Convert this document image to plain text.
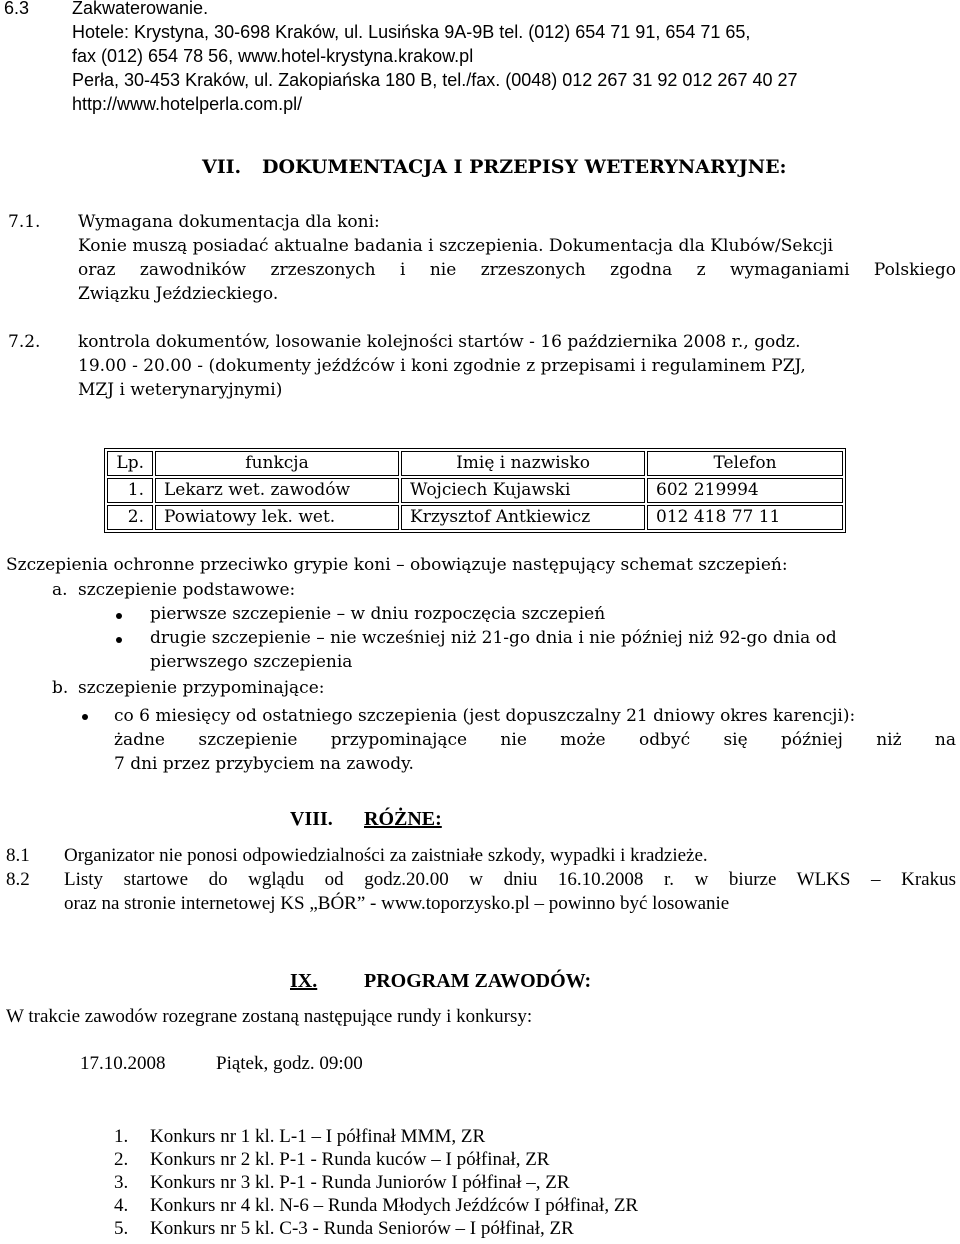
6.3 Zakwaterowanie.
Hotele: Krystyna, 30-698 Kraków, ul. Lusińska 9A-9B tel. (012) 654 71 91, 654 71 65,
fax (012) 654 78 56, www.hotel-krystyna.krakow.pl
Perła, 30-453 Kraków, ul. Zakopiańska 180 B, tel./fax. (0048) 012 267 31 92 012 267 40 27
http://www.hotelperla.com.pl/
VII. DOKUMENTACJA I PRZEPISY WETERYNARYJNE:
7.1. Wymagana dokumentacja dla koni:
Konie muszą posiadać aktualne badania i szczepienia. Dokumentacja dla Klubów/Sekcji
oraz zawodników zrzeszonych i nie zrzeszonych zgodna z wymaganiami Polskiego
Związku Jeździeckiego.
7.2. kontrola dokumentów, losowanie kolejności startów - 16 października 2008 r., godz.
19.00 - 20.00 - (dokumenty jeźdźców i koni zgodnie z przepisami i regulaminem PZJ,
MZJ i weterynaryjnymi)
Lp.	funkcja	Imię i nazwisko	Telefon
1.	Lekarz wet. zawodów	Wojciech Kujawski	602 219994
2.	Powiatowy lek. wet.	Krzysztof Antkiewicz	012 418 77 11
Szczepienia ochronne przeciwko grypie koni – obowiązuje następujący schemat szczepień:
a. szczepienie podstawowe:
pierwsze szczepienie – w dniu rozpoczęcia szczepień
drugie szczepienie – nie wcześniej niż 21-go dnia i nie później niż 92-go dnia od
pierwszego szczepienia
b. szczepienie przypominające:
co 6 miesięcy od ostatniego szczepienia (jest dopuszczalny 21 dniowy okres karencji):
żadne szczepienie przypominające nie może odbyć się później niż na
7 dni przez przybyciem na zawody.
VIII. RÓŻNE:
8.1 Organizator nie ponosi odpowiedzialności za zaistniałe szkody, wypadki i kradzieże.
8.2 Listy startowe do wglądu od godz.20.00 w dniu 16.10.2008 r. w biurze WLKS – Krakus
oraz na stronie internetowej KS „BÓR” - www.toporzysko.pl – powinno być losowanie
IX. PROGRAM ZAWODÓW:
W trakcie zawodów rozegrane zostaną następujące rundy i konkursy:
17.10.2008	Piątek, godz. 09:00
1. Konkurs nr 1 kl. L-1 – I półfinał MMM, ZR
2. Konkurs nr 2 kl. P-1 - Runda kuców – I półfinał, ZR
3. Konkurs nr 3 kl. P-1 - Runda Juniorów I półfinał –, ZR
4. Konkurs nr 4 kl. N-6 – Runda Młodych Jeźdźców I półfinał, ZR
5. Konkurs nr 5 kl. C-3 - Runda Seniorów – I półfinał, ZR
